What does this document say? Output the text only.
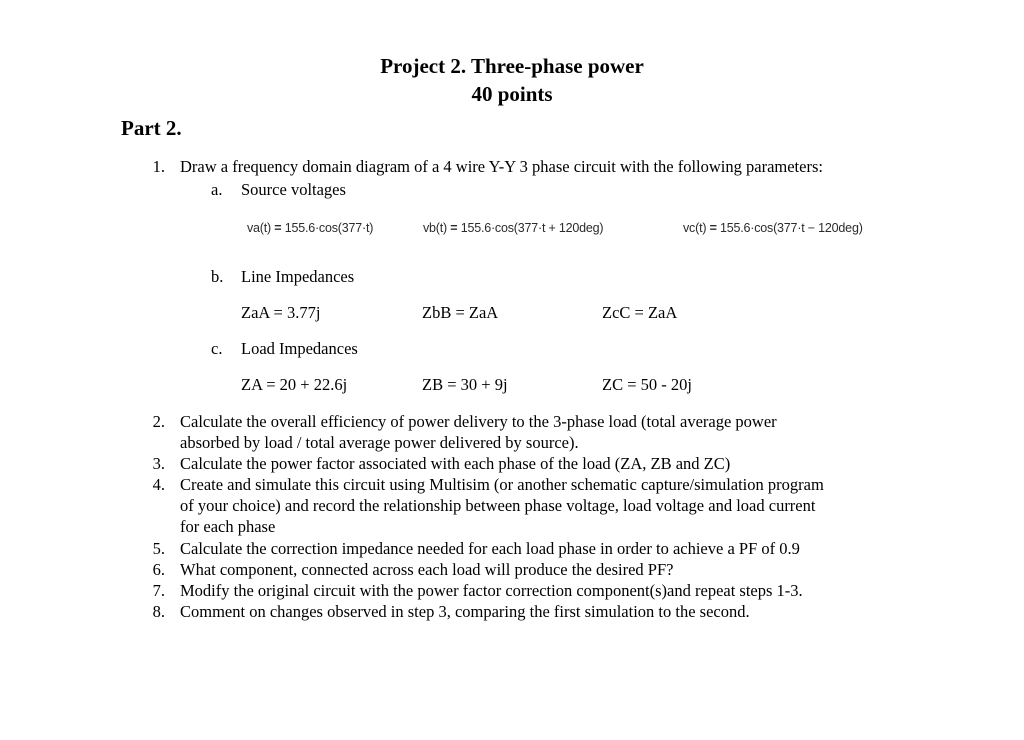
Project 2. Three-phase power
40 points
Part 2.
1. Draw a frequency domain diagram of a 4 wire Y-Y 3 phase circuit with the following parameters:
a. Source voltages
va(t) = 155.6·cos(377·t)	vb(t) = 155.6·cos(377·t + 120deg)	vc(t) = 155.6·cos(377·t − 120deg)
b. Line Impedances
ZaA = 3.77j	ZbB = ZaA	ZcC = ZaA
c. Load Impedances
ZA = 20 + 22.6j	ZB = 30 + 9j	ZC = 50 - 20j
2. Calculate the overall efficiency of power delivery to the 3-phase load (total average power
absorbed by load / total average power delivered by source).
3. Calculate the power factor associated with each phase of the load (ZA, ZB and ZC)
4. Create and simulate this circuit using Multisim (or another schematic capture/simulation program
of your choice) and record the relationship between phase voltage, load voltage and load current
for each phase
5. Calculate the correction impedance needed for each load phase in order to achieve a PF of 0.9
6. What component, connected across each load will produce the desired PF?
7. Modify the original circuit with the power factor correction component(s)and repeat steps 1-3.
8. Comment on changes observed in step 3, comparing the first simulation to the second.
